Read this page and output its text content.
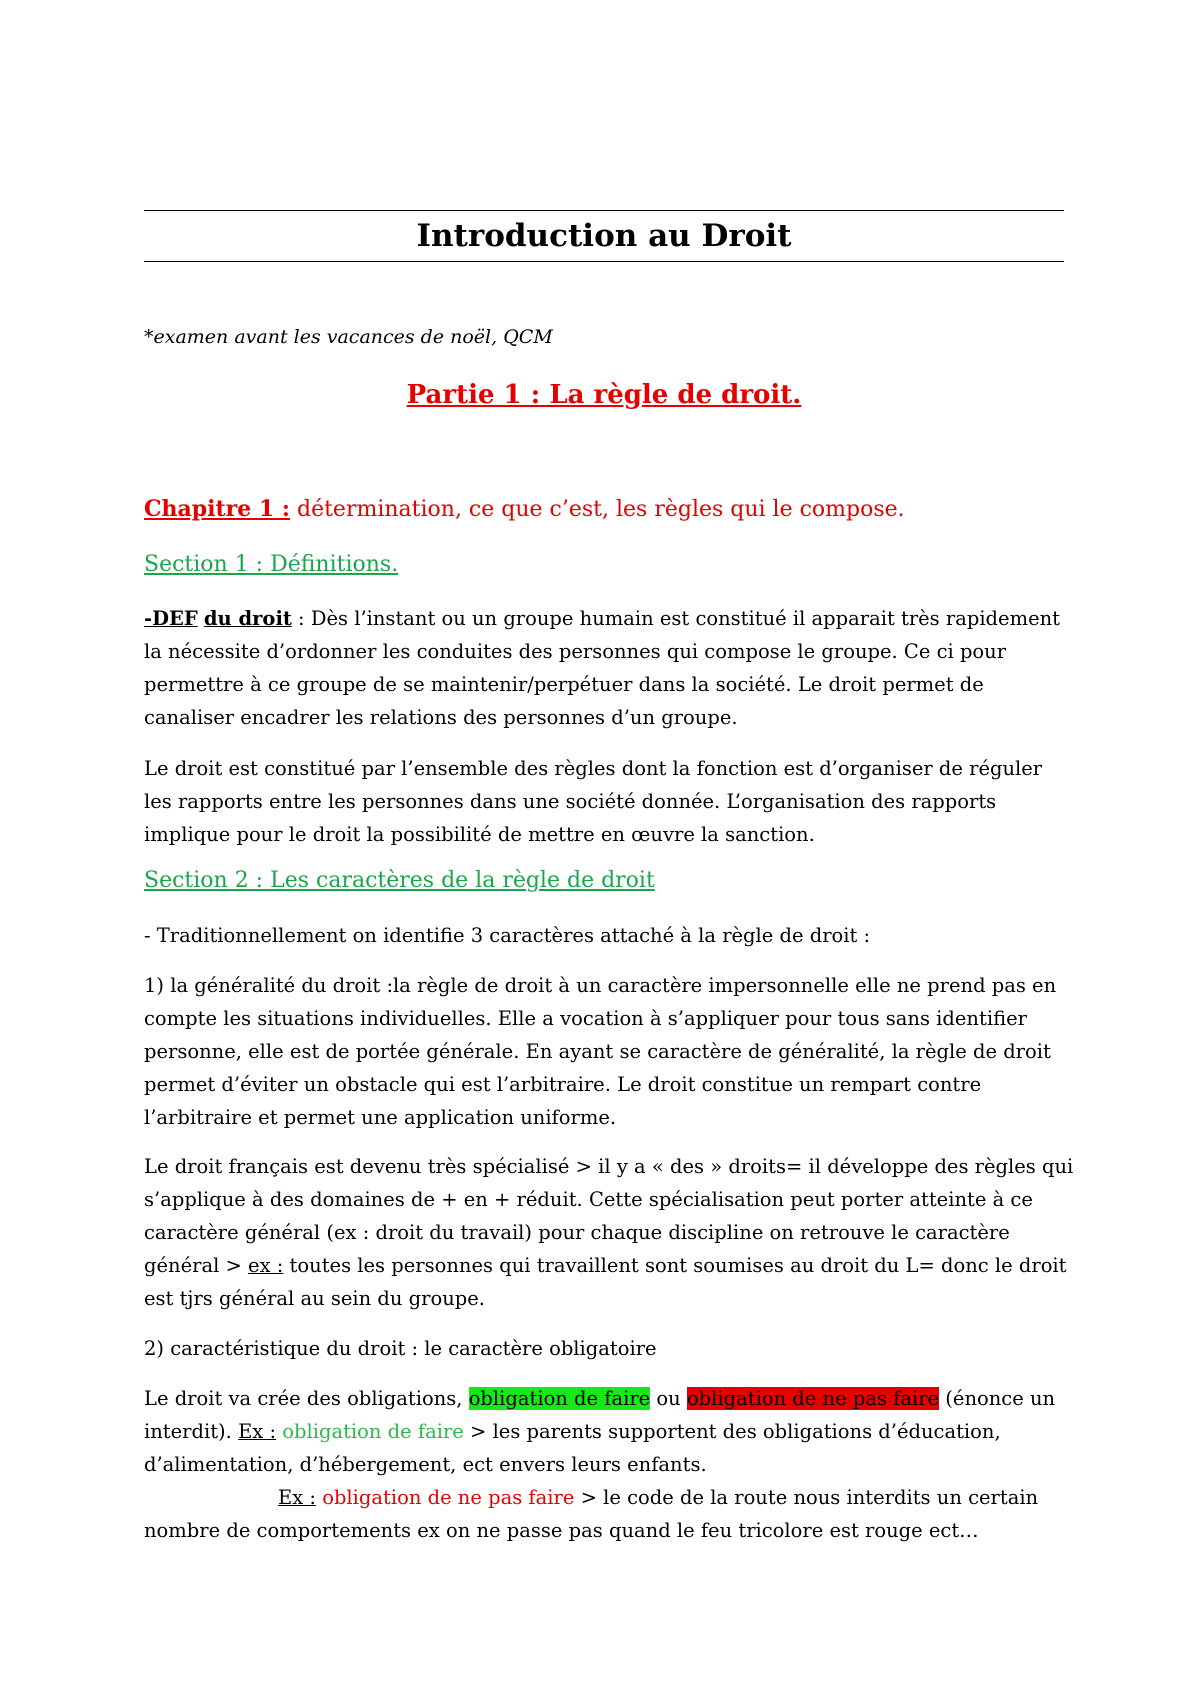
Introduction au Droit
*examen avant les vacances de noël, QCM
Partie 1 : La règle de droit.
Chapitre 1 : détermination, ce que c’est, les règles qui le compose.
Section 1 : Définitions.
-DEF du droit : Dès l’instant ou un groupe humain est constitué il apparait très rapidement la nécessite d’ordonner les conduites des personnes qui compose le groupe. Ce ci pour permettre à ce groupe de se maintenir/perpétuer dans la société. Le droit permet de canaliser encadrer les relations des personnes d’un groupe.
Le droit est constitué par l’ensemble des règles dont la fonction est d’organiser de réguler les rapports entre les personnes dans une société donnée. L’organisation des rapports implique pour le droit la possibilité de mettre en œuvre la sanction.
Section 2 : Les caractères de la règle de droit
- Traditionnellement on identifie 3 caractères attaché à la règle de droit :
1) la généralité du droit :la règle de droit à un caractère impersonnelle elle ne prend pas en compte les situations individuelles. Elle a vocation à s’appliquer pour tous sans identifier personne, elle est de portée générale. En ayant se caractère de généralité, la règle de droit permet d’éviter un obstacle qui est l’arbitraire. Le droit constitue un rempart contre l’arbitraire et permet une application uniforme.
Le droit français est devenu très spécialisé > il y a « des » droits= il développe des règles qui s’applique à des domaines de + en + réduit. Cette spécialisation peut porter atteinte à ce caractère général (ex : droit du travail) pour chaque discipline on retrouve le caractère général > ex : toutes les personnes qui travaillent sont soumises au droit du L= donc le droit est tjrs général au sein du groupe.
2) caractéristique du droit : le caractère obligatoire
Le droit va crée des obligations, obligation de faire ou obligation de ne pas faire (énonce un interdit). Ex : obligation de faire > les parents supportent des obligations d’éducation, d’alimentation, d’hébergement, ect envers leurs enfants.
Ex : obligation de ne pas faire > le code de la route nous interdits un certain nombre de comportements ex on ne passe pas quand le feu tricolore est rouge ect…
